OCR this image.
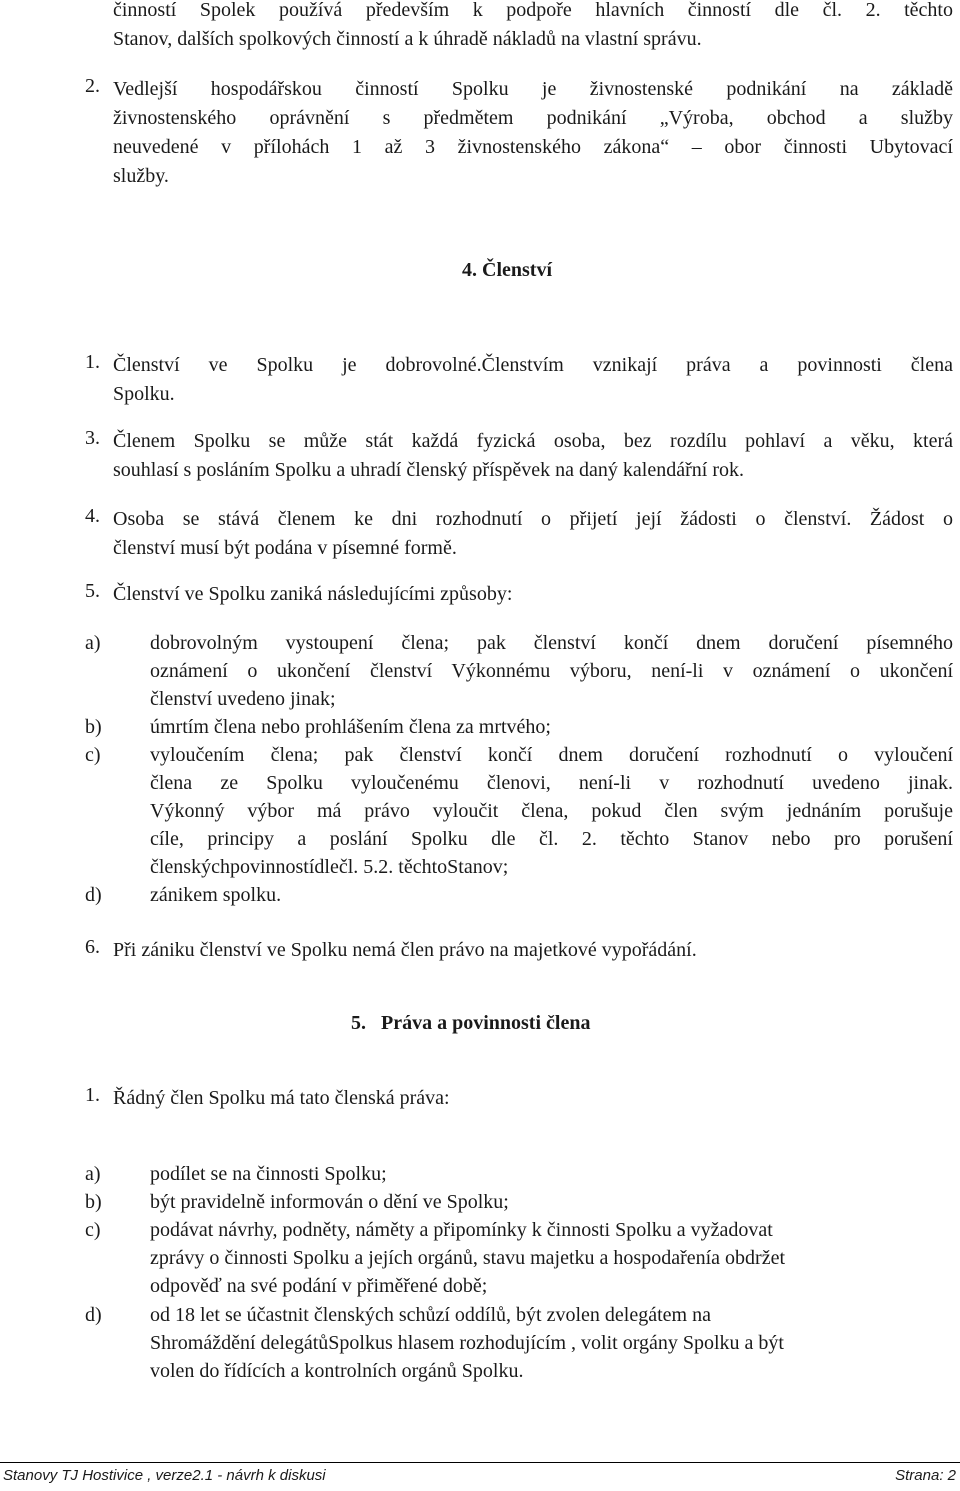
činností Spolek používá především k podpoře hlavních činností dle čl. 2. těchto
Stanov, dalších spolkových činností a k úhradě nákladů na vlastní správu.
2. Vedlejší hospodářskou činností Spolku je živnostenské podnikání na základě
živnostenského oprávnění s předmětem podnikání „Výroba, obchod a služby
neuvedené v přílohách 1 až 3 živnostenského zákona“ – obor činnosti Ubytovací
služby.
4. Členství
1. Členství ve Spolku je dobrovolné.Členstvím vznikají práva a povinnosti člena
Spolku.
3. Členem Spolku se může stát každá fyzická osoba, bez rozdílu pohlaví a věku, která
souhlasí s posláním Spolku a uhradí členský příspěvek na daný kalendářní rok.
4. Osoba se stává členem ke dni rozhodnutí o přijetí její žádosti o členství. Žádost o
členství musí být podána v písemné formě.
5. Členství ve Spolku zaniká následujícími způsoby:
a) dobrovolným vystoupení člena; pak členství končí dnem doručení písemného
oznámení o ukončení členství Výkonnému výboru, není-li v oznámení o ukončení
členství uvedeno jinak;
b) úmrtím člena nebo prohlášením člena za mrtvého;
c) vyloučením člena; pak členství končí dnem doručení rozhodnutí o vyloučení
člena ze Spolku vyloučenému členovi, není-li v rozhodnutí uvedeno jinak.
Výkonný výbor má právo vyloučit člena, pokud člen svým jednáním porušuje
cíle, principy a poslání Spolku dle čl. 2. těchto Stanov nebo pro porušení
členskýchpovinnostídlečl. 5.2. těchtoStanov;
d) zánikem spolku.
6. Při zániku členství ve Spolku nemá člen právo na majetkové vypořádání.
5.   Práva a povinnosti člena
1. Řádný člen Spolku má tato členská práva:
a) podílet se na činnosti Spolku;
b) být pravidelně informován o dění ve Spolku;
c) podávat návrhy, podněty, náměty a připomínky k činnosti Spolku a vyžadovat
zprávy o činnosti Spolku a jejích orgánů, stavu majetku a hospodařenía obdržet
odpověď na své podání v přiměřené době;
d) od 18 let se účastnit členských schůzí oddílů, být zvolen delegátem na
Shromáždění delegátůSpolkus hlasem rozhodujícím , volit orgány Spolku a být
volen do řídících a kontrolních orgánů Spolku.
Stanovy TJ Hostivice , verze2.1 - návrh k diskusi	Strana: 2
